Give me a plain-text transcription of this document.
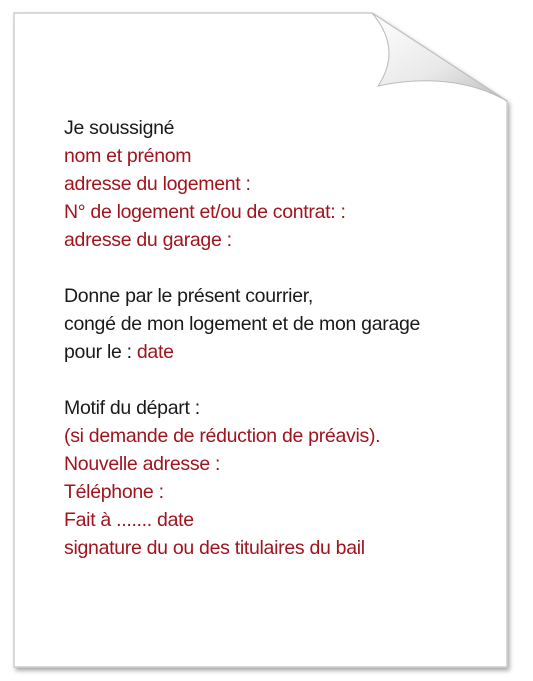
Je soussigné
nom et prénom
adresse du logement :
N° de logement et/ou de contrat: :
adresse du garage :
Donne par le présent courrier,
congé de mon logement et de mon garage
pour le : date
Motif du départ :
(si demande de réduction de préavis).
Nouvelle adresse :
Téléphone :
Fait à ....... date
signature du ou des titulaires du bail
